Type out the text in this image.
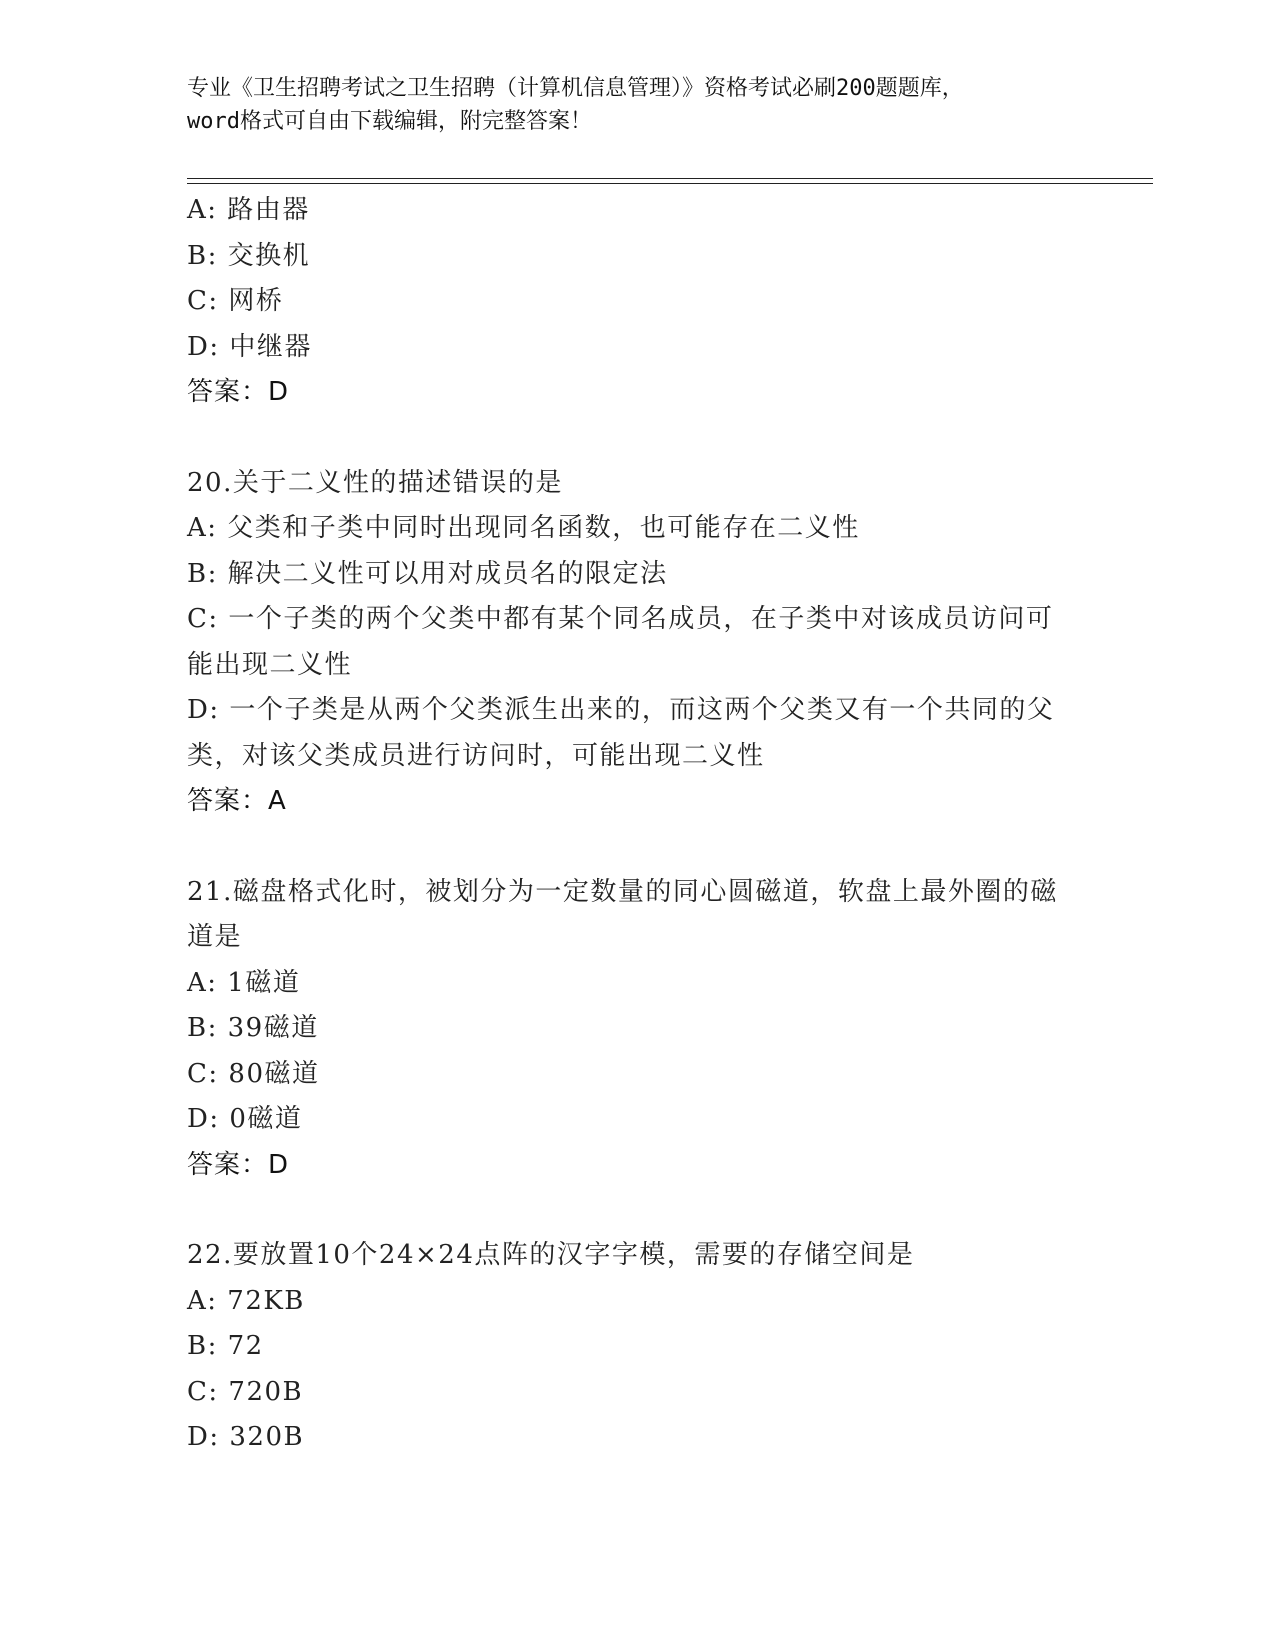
专业《卫生招聘考试之卫生招聘（计算机信息管理）》资格考试必刷200题题库，
word格式可自由下载编辑，附完整答案！
A: 路由器
B: 交换机
C: 网桥
D: 中继器
答案：D
20.关于二义性的描述错误的是
A: 父类和子类中同时出现同名函数，也可能存在二义性
B: 解决二义性可以用对成员名的限定法
C: 一个子类的两个父类中都有某个同名成员，在子类中对该成员访问可能出现二义性
D: 一个子类是从两个父类派生出来的，而这两个父类又有一个共同的父类，对该父类成员进行访问时，可能出现二义性
答案：A
21.磁盘格式化时，被划分为一定数量的同心圆磁道，软盘上最外圈的磁道是
A: 1磁道
B: 39磁道
C: 80磁道
D: 0磁道
答案：D
22.要放置10个24×24点阵的汉字字模，需要的存储空间是
A: 72KB
B: 72
C: 720B
D: 320B
